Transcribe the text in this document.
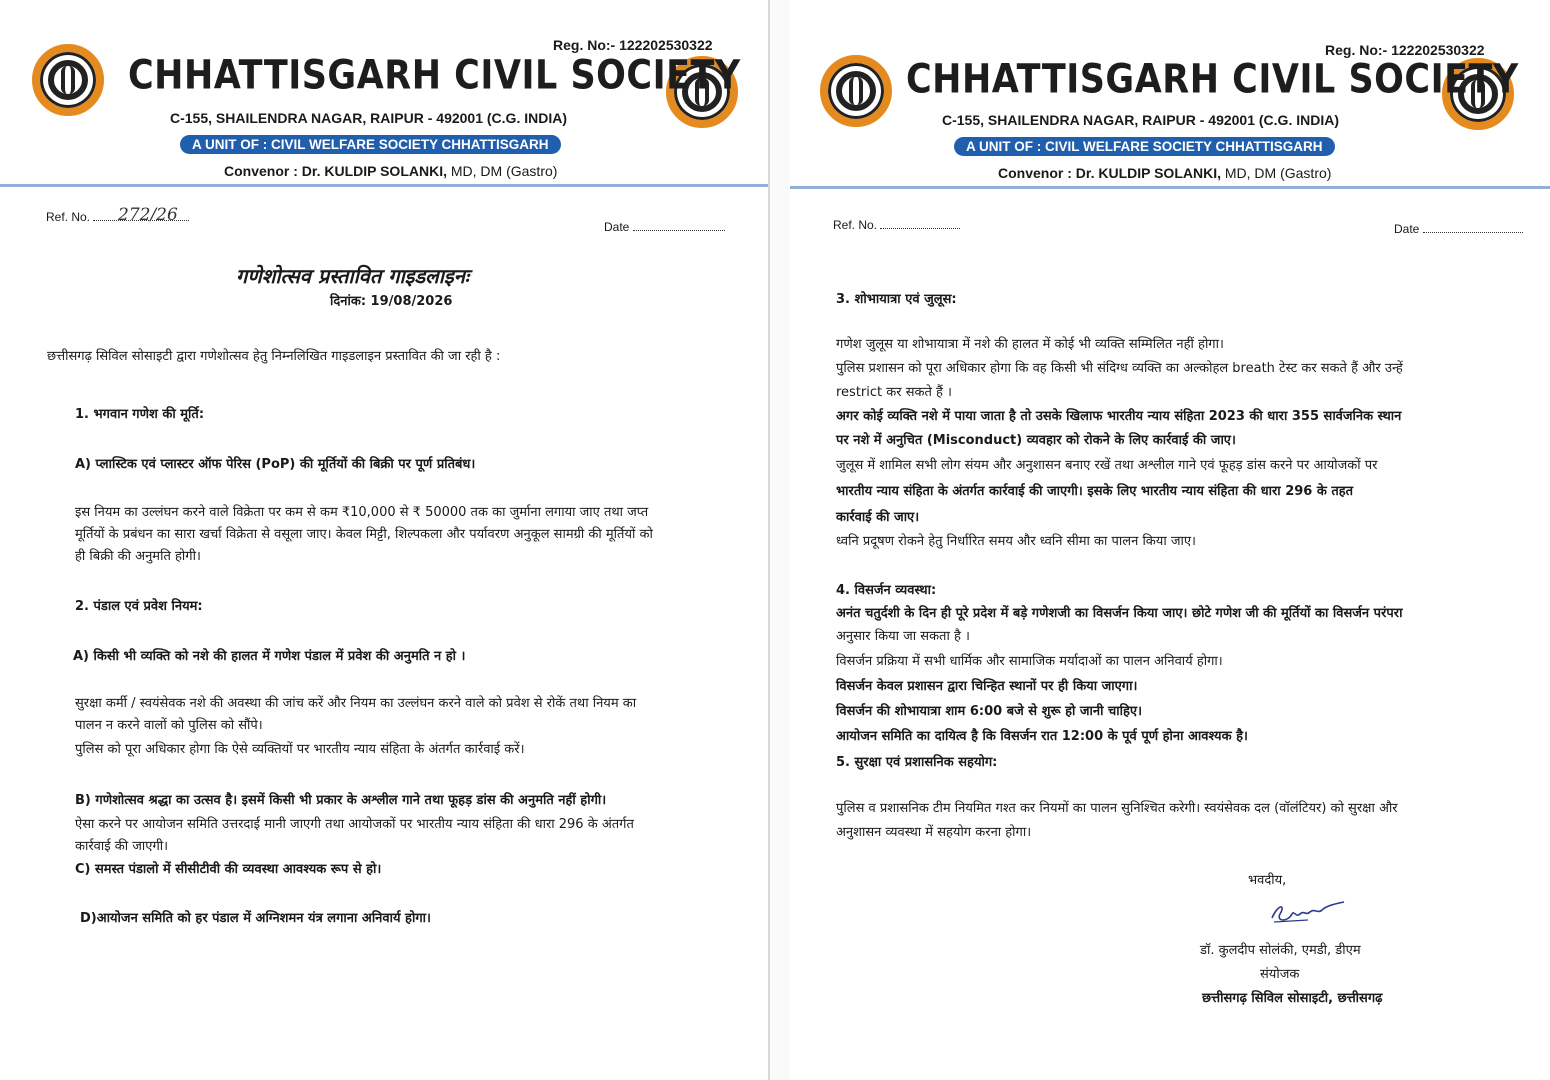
Reg. No:- 122202530322
CHHATTISGARH CIVIL SOCIETY
C-155, SHAILENDRA NAGAR, RAIPUR - 492001 (C.G. INDIA)
A UNIT OF : CIVIL WELFARE SOCIETY CHHATTISGARH
Convenor : Dr. KULDIP SOLANKI, MD, DM (Gastro)
Ref. No.	272/26
Date
गणेशोत्सव प्रस्तावित गाइडलाइनः
दिनांक: 19/08/2026
छत्तीसगढ़ सिविल सोसाइटी द्वारा गणेशोत्सव हेतु निम्नलिखित गाइडलाइन प्रस्तावित की जा रही है :
1. भगवान गणेश की मूर्ति:
A) प्लास्टिक एवं प्लास्टर ऑफ पेरिस (PoP) की मूर्तियों की बिक्री पर पूर्ण प्रतिबंध।
इस नियम का उल्लंघन करने वाले विक्रेता पर कम से कम ₹10,000 से ₹ 50000 तक का जुर्माना लगाया जाए तथा जप्त
मूर्तियों के प्रबंधन का सारा खर्चा विक्रेता से वसूला जाए। केवल मिट्टी, शिल्पकला और पर्यावरण अनुकूल सामग्री की मूर्तियों को
ही बिक्री की अनुमति होगी।
2. पंडाल एवं प्रवेश नियम:
A) किसी भी व्यक्ति को नशे की हालत में गणेश पंडाल में प्रवेश की अनुमति न हो ।
सुरक्षा कर्मी / स्वयंसेवक नशे की अवस्था की जांच करें और नियम का उल्लंघन करने वाले को प्रवेश से रोकें तथा नियम का
पालन न करने वालों को पुलिस को सौंपे।
पुलिस को पूरा अधिकार होगा कि ऐसे व्यक्तियों पर भारतीय न्याय संहिता के अंतर्गत कार्रवाई करें।
B) गणेशोत्सव श्रद्धा का उत्सव है। इसमें किसी भी प्रकार के अश्लील गाने तथा फूहड़ डांस की अनुमति नहीं होगी।
ऐसा करने पर आयोजन समिति उत्तरदाई मानी जाएगी तथा आयोजकों पर भारतीय न्याय संहिता की धारा 296 के अंतर्गत
कार्रवाई की जाएगी।
C) समस्त पंडालो में सीसीटीवी की व्यवस्था आवश्यक रूप से हो।
D)आयोजन समिति को हर पंडाल में अग्निशमन यंत्र लगाना अनिवार्य होगा।
Reg. No:- 122202530322
CHHATTISGARH CIVIL SOCIETY
C-155, SHAILENDRA NAGAR, RAIPUR - 492001 (C.G. INDIA)
A UNIT OF : CIVIL WELFARE SOCIETY CHHATTISGARH
Convenor : Dr. KULDIP SOLANKI, MD, DM (Gastro)
Ref. No.	Date
3. शोभायात्रा एवं जुलूस:
गणेश जुलूस या शोभायात्रा में नशे की हालत में कोई भी व्यक्ति सम्मिलित नहीं होगा।
पुलिस प्रशासन को पूरा अधिकार होगा कि वह किसी भी संदिग्ध व्यक्ति का अल्कोहल breath टेस्ट कर सकते हैं और उन्हें
restrict कर सकते हैं ।
अगर कोई व्यक्ति नशे में पाया जाता है तो उसके खिलाफ भारतीय न्याय संहिता 2023 की धारा 355 सार्वजनिक स्थान
पर नशे में अनुचित (Misconduct) व्यवहार को रोकने के लिए कार्रवाई की जाए।
जुलूस में शामिल सभी लोग संयम और अनुशासन बनाए रखें तथा अश्लील गाने एवं फूहड़ डांस करने पर आयोजकों पर
भारतीय न्याय संहिता के अंतर्गत कार्रवाई की जाएगी। इसके लिए भारतीय न्याय संहिता की धारा 296 के तहत
कार्रवाई की जाए।
ध्वनि प्रदूषण रोकने हेतु निर्धारित समय और ध्वनि सीमा का पालन किया जाए।
4. विसर्जन व्यवस्था:
अनंत चतुर्दशी के दिन ही पूरे प्रदेश में बड़े गणेशजी का विसर्जन किया जाए। छोटे गणेश जी की मूर्तियों का विसर्जन परंपरा
अनुसार किया जा सकता है ।
विसर्जन प्रक्रिया में सभी धार्मिक और सामाजिक मर्यादाओं का पालन अनिवार्य होगा।
विसर्जन केवल प्रशासन द्वारा चिन्हित स्थानों पर ही किया जाएगा।
विसर्जन की शोभायात्रा शाम 6:00 बजे से शुरू हो जानी चाहिए।
आयोजन समिति का दायित्व है कि विसर्जन रात 12:00 के पूर्व पूर्ण होना आवश्यक है।
5. सुरक्षा एवं प्रशासनिक सहयोग:
पुलिस व प्रशासनिक टीम नियमित गश्त कर नियमों का पालन सुनिश्चित करेगी। स्वयंसेवक दल (वॉलंटियर) को सुरक्षा और
अनुशासन व्यवस्था में सहयोग करना होगा।
भवदीय,
डॉ. कुलदीप सोलंकी, एमडी, डीएम
संयोजक
छत्तीसगढ़ सिविल सोसाइटी, छत्तीसगढ़
